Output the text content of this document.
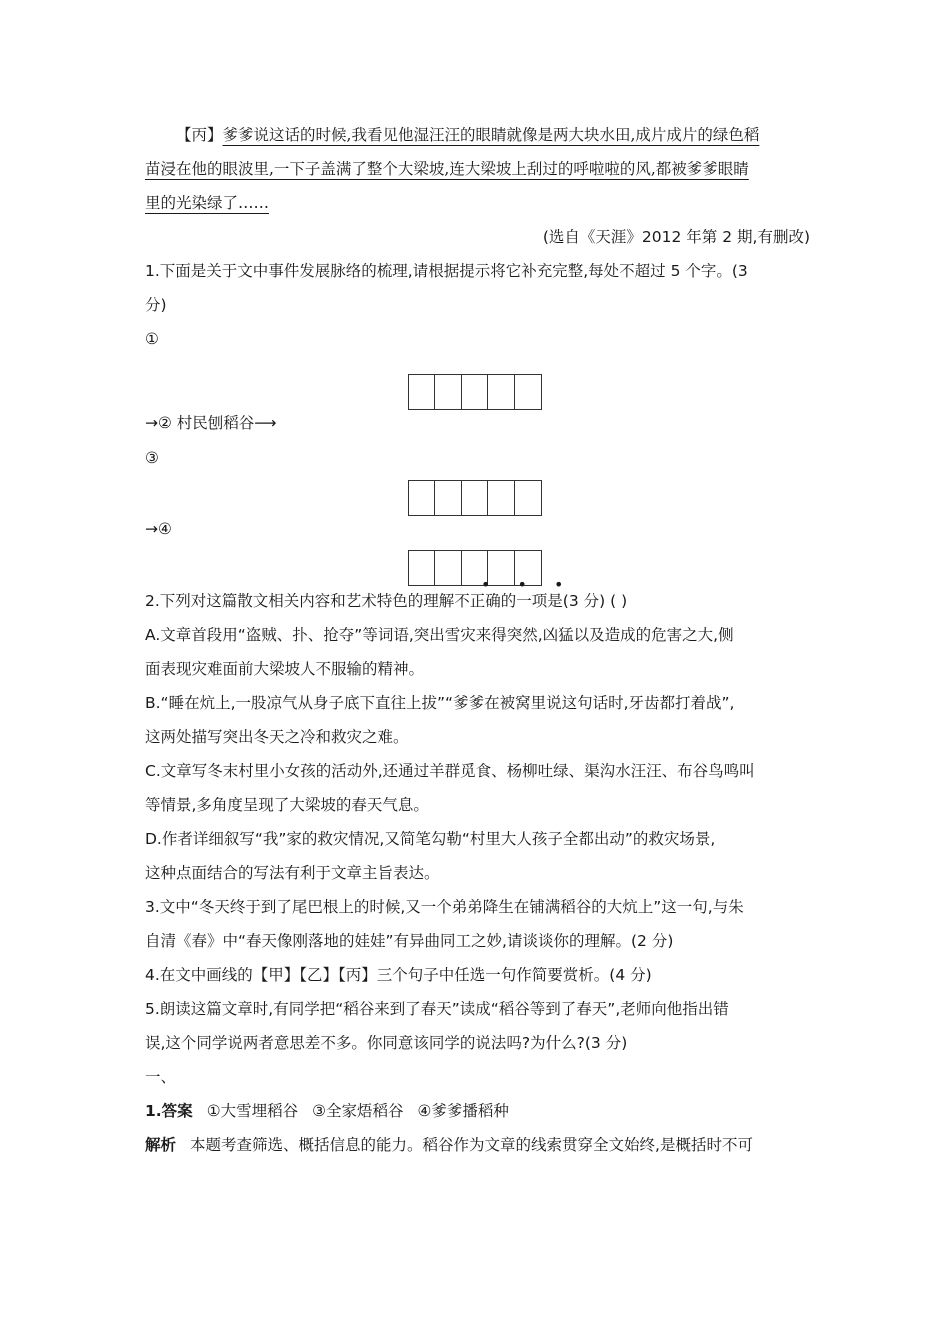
【丙】爹爹说这话的时候,我看见他湿汪汪的眼睛就像是两大块水田,成片成片的绿色稻
苗浸在他的眼波里,一下子盖满了整个大梁坡,连大梁坡上刮过的呼啦啦的风,都被爹爹眼睛
里的光染绿了……
(选自《天涯》2012 年第 2 期,有删改)
1.下面是关于文中事件发展脉络的梳理,请根据提示将它补充完整,每处不超过 5 个字。(3
分)
①
→② 村民刨稻谷⟶
③
→④
• • •
2.下列对这篇散文相关内容和艺术特色的理解不正确的一项是(3 分) ( )
A.文章首段用“盗贼、扑、抢夺”等词语,突出雪灾来得突然,凶猛以及造成的危害之大,侧
面表现灾难面前大梁坡人不服输的精神。
B.“睡在炕上,一股凉气从身子底下直往上拔”“爹爹在被窝里说这句话时,牙齿都打着战”,
这两处描写突出冬天之冷和救灾之难。
C.文章写冬末村里小女孩的活动外,还通过羊群觅食、杨柳吐绿、渠沟水汪汪、布谷鸟鸣叫
等情景,多角度呈现了大梁坡的春天气息。
D.作者详细叙写“我”家的救灾情况,又简笔勾勒“村里大人孩子全都出动”的救灾场景,
这种点面结合的写法有利于文章主旨表达。
3.文中“冬天终于到了尾巴根上的时候,又一个弟弟降生在铺满稻谷的大炕上”这一句,与朱
自清《春》中“春天像刚落地的娃娃”有异曲同工之妙,请谈谈你的理解。(2 分)
4.在文中画线的【甲】【乙】【丙】三个句子中任选一句作简要赏析。(4 分)
5.朗读这篇文章时,有同学把“稻谷来到了春天”读成“稻谷等到了春天”,老师向他指出错
误,这个同学说两者意思差不多。你同意该同学的说法吗?为什么?(3 分)
一、
1.答案 ①大雪埋稻谷 ③全家焐稻谷 ④爹爹播稻种
解析 本题考查筛选、概括信息的能力。稻谷作为文章的线索贯穿全文始终,是概括时不可
